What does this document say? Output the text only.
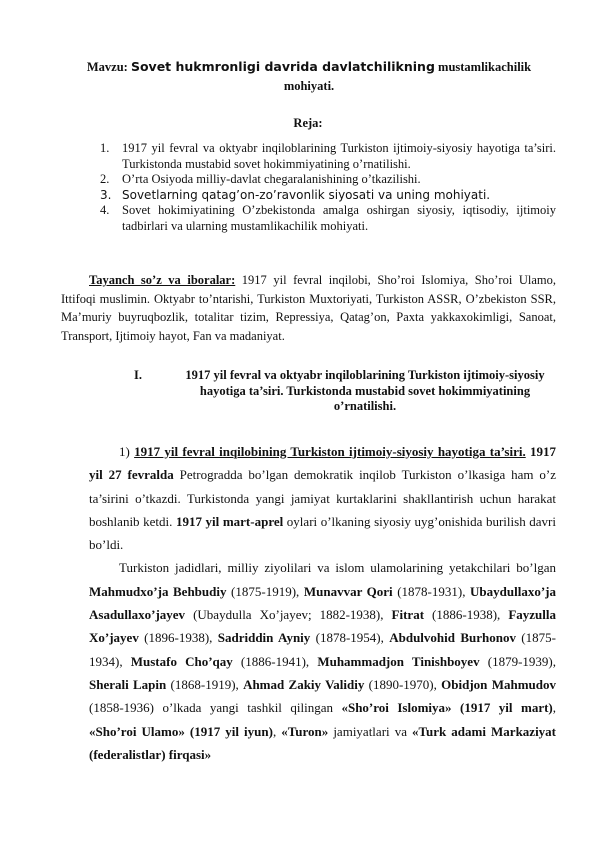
Mavzu: Sovet hukmronligi davrida davlatchilikning mustamlikachilik mohiyati.
Reja:
1. 1917 yil fevral va oktyabr inqiloblarining Turkiston ijtimoiy-siyosiy hayotiga ta’siri. Turkistonda mustabid sovet hokimmiyatining o’rnatilishi.
2. O’rta Osiyoda milliy-davlat chegaralanishining o’tkazilishi.
3. Sovetlarning qatag’on-zo’ravonlik siyosati va uning mohiyati.
4. Sovet hokimiyatining O’zbekistonda amalga oshirgan siyosiy, iqtisodiy, ijtimoiy tadbirlari va ularning mustamlikachilik mohiyati.
Tayanch so’z va iboralar: 1917 yil fevral inqilobi, Sho’roi Islomiya, Sho’roi Ulamo, Ittifoqi muslimin. Oktyabr to’ntarishi, Turkiston Muxtoriyati, Turkiston ASSR, O’zbekiston SSR, Ma’muriy buyruqbozlik, totalitar tizim, Repressiya, Qatag’on, Paxta yakkaxokimligi, Sanoat, Transport, Ijtimoiy hayot, Fan va madaniyat.
I.	1917 yil fevral va oktyabr inqiloblarining Turkiston ijtimoiy-siyosiy hayotiga ta’siri. Turkistonda mustabid sovet hokimmiyatining o’rnatilishi.

1) 1917 yil fevral inqilobining Turkiston ijtimoiy-siyosiy hayotiga ta’siri. 1917 yil 27 fevralda Petrogradda bo’lgan demokratik inqilob Turkiston o’lkasiga ham o’z ta’sirini o’tkazdi. Turkistonda yangi jamiyat kurtaklarini shakllantirish uchun harakat boshlanib ketdi. 1917 yil mart-aprel oylari o’lkaning siyosiy uyg’onishida burilish davri bo’ldi.

Turkiston jadidlari, milliy ziyolilari va islom ulamolarining yetakchilari bo’lgan Mahmudxo’ja Behbudiy (1875-1919), Munavvar Qori (1878-1931), Ubaydullaxo’ja Asadullaxo’jayev (Ubaydulla Xo’jayev; 1882-1938), Fitrat (1886-1938), Fayzulla Xo’jayev (1896-1938), Sadriddin Ayniy (1878-1954), Abdulvohid Burhonov (1875-1934), Mustafo Cho’qay (1886-1941), Muhammadjon Tinishboyev (1879-1939), Sherali Lapin (1868-1919), Ahmad Zakiy Validiy (1890-1970), Obidjon Mahmudov (1858-1936) o’lkada yangi tashkil qilingan «Sho’roi Islomiya» (1917 yil mart), «Sho’roi Ulamo» (1917 yil iyun), «Turon» jamiyatlari va «Turk adami Markaziyat (federalistlar) firqasi»
